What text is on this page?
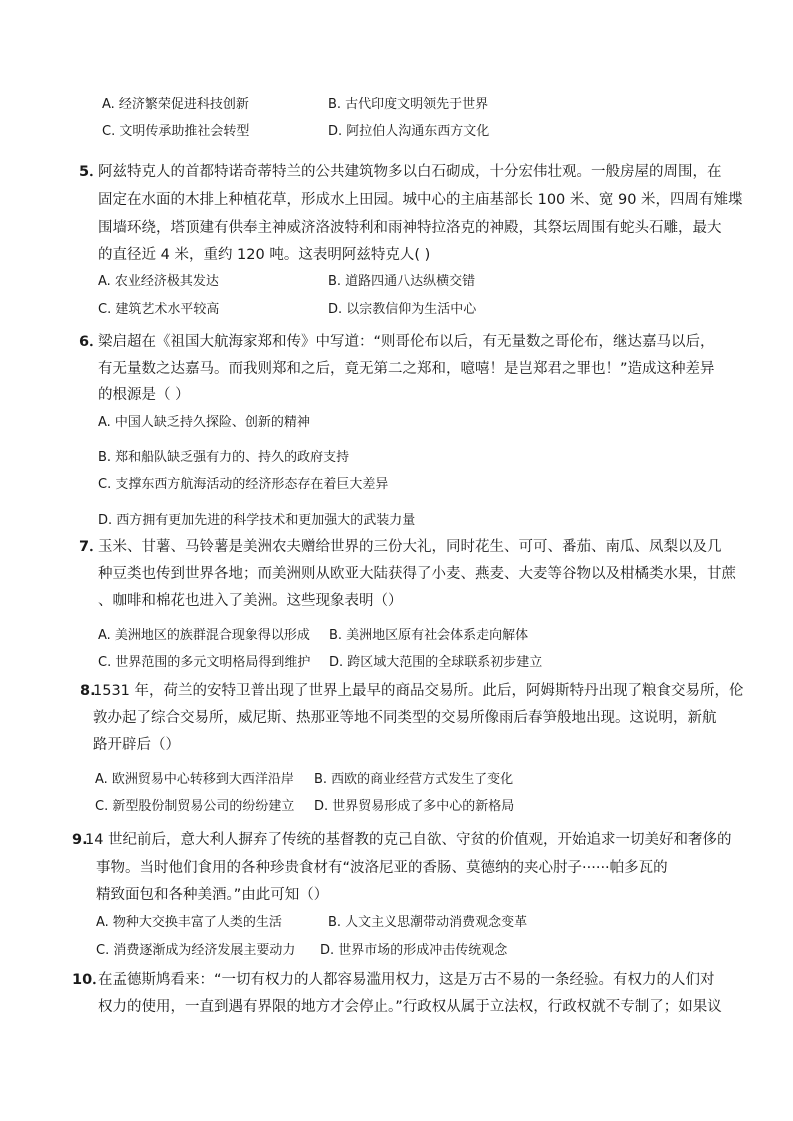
A. 经济繁荣促进科技创新	B. 古代印度文明领先于世界
C. 文明传承助推社会转型	D. 阿拉伯人沟通东西方文化
5．
阿兹特克人的首都特诺奇蒂特兰的公共建筑物多以白石砌成，十分宏伟壮观。一般房屋的周围，在
固定在水面的木排上种植花草，形成水上田园。城中心的主庙基部长 100 米、宽 90 米，四周有雉堞
围墙环绕，塔顶建有供奉主神威济洛波特利和雨神特拉洛克的神殿，其祭坛周围有蛇头石雕，最大
的直径近 4 米，重约 120 吨。这表明阿兹特克人( )
A. 农业经济极其发达	B. 道路四通八达纵横交错
C. 建筑艺术水平较高	D. 以宗教信仰为生活中心
6．
梁启超在《祖国大航海家郑和传》中写道：“则哥伦布以后，有无量数之哥伦布，继达嘉马以后，
有无量数之达嘉马。而我则郑和之后，竟无第二之郑和，噫嘻！是岂郑君之罪也！”造成这种差异
的根源是（ ）
A. 中国人缺乏持久探险、创新的精神
B. 郑和船队缺乏强有力的、持久的政府支持
C. 支撑东西方航海活动的经济形态存在着巨大差异
D. 西方拥有更加先进的科学技术和更加强大的武装力量
7．
玉米、甘薯、马铃薯是美洲农夫赠给世界的三份大礼，同时花生、可可、番茄、南瓜、凤梨以及几
种豆类也传到世界各地；而美洲则从欧亚大陆获得了小麦、燕麦、大麦等谷物以及柑橘类水果，甘蔗
、咖啡和棉花也进入了美洲。这些现象表明（）
A. 美洲地区的族群混合现象得以形成 B. 美洲地区原有社会体系走向解体
C. 世界范围的多元文明格局得到维护 D. 跨区域大范围的全球联系初步建立
8.
1531 年，荷兰的安特卫普出现了世界上最早的商品交易所。此后，阿姆斯特丹出现了粮食交易所，伦
敦办起了综合交易所，威尼斯、热那亚等地不同类型的交易所像雨后春笋般地出现。这说明，新航
路开辟后（）
A. 欧洲贸易中心转移到大西洋沿岸 B. 西欧的商业经营方式发生了变化
C. 新型股份制贸易公司的纷纷建立 D. 世界贸易形成了多中心的新格局
9.
14 世纪前后，意大利人摒弃了传统的基督教的克己自欲、守贫的价值观，开始追求一切美好和奢侈的
事物。当时他们食用的各种珍贵食材有“波洛尼亚的香肠、莫德纳的夹心肘子······帕多瓦的
精致面包和各种美酒。”由此可知（）
A. 物种大交换丰富了人类的生活	B. 人文主义思潮带动消费观念变革
C. 消费逐渐成为经济发展主要动力 D. 世界市场的形成冲击传统观念
10．
在孟德斯鸠看来：“一切有权力的人都容易滥用权力，这是万古不易的一条经验。有权力的人们对
权力的使用，一直到遇有界限的地方才会停止。”行政权从属于立法权，行政权就不专制了；如果议
